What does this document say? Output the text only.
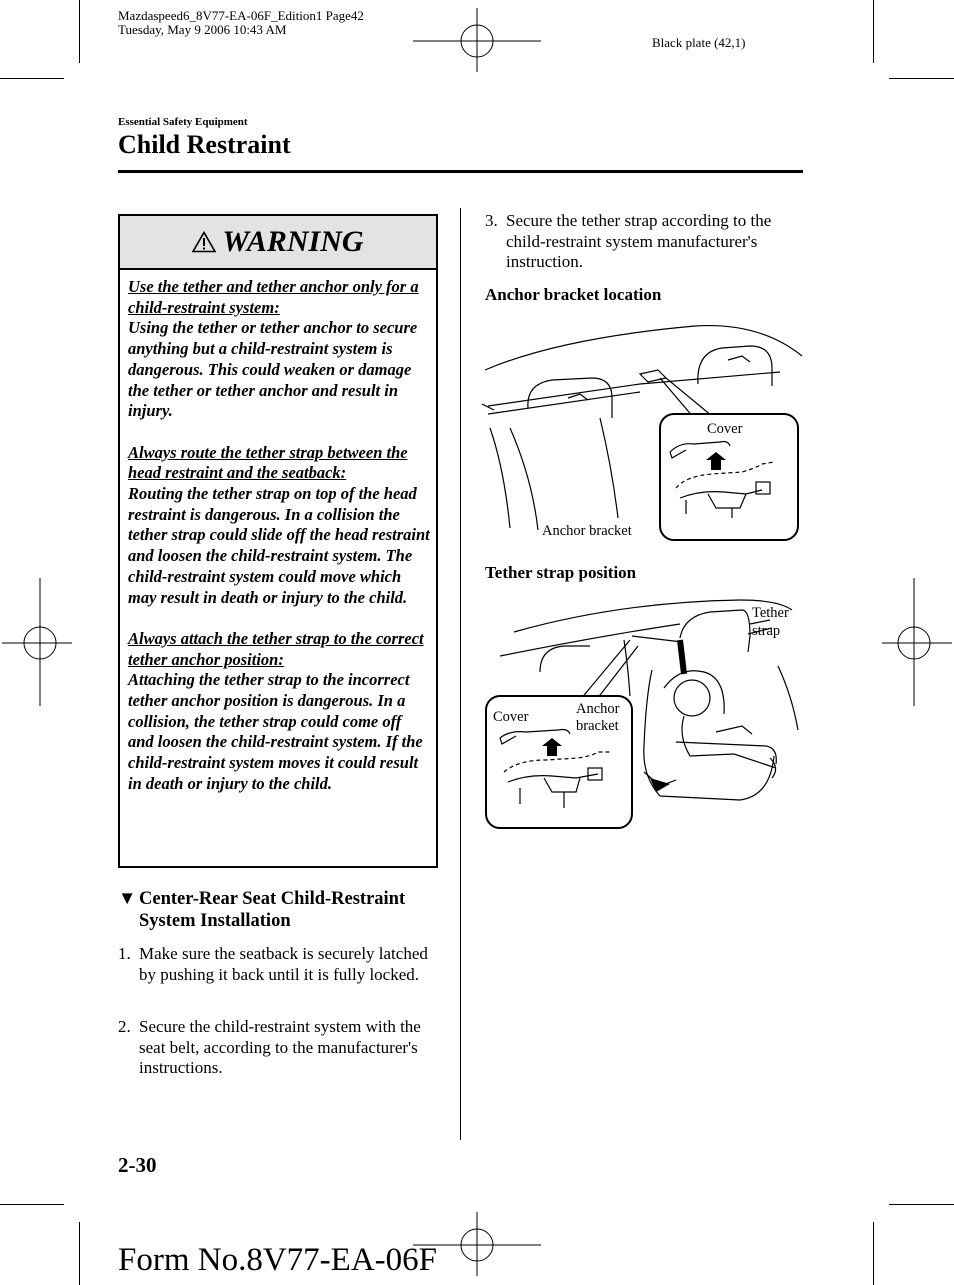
Mazdaspeed6_8V77-EA-06F_Edition1 Page42
Tuesday, May 9 2006 10:43 AM
Black plate (42,1)
Essential Safety Equipment
Child Restraint
WARNING

Use the tether and tether anchor only for a child-restraint system:
Using the tether or tether anchor to secure anything but a child-restraint system is dangerous. This could weaken or damage the tether or tether anchor and result in injury.

Always route the tether strap between the head restraint and the seatback:
Routing the tether strap on top of the head restraint is dangerous. In a collision the tether strap could slide off the head restraint and loosen the child-restraint system. The child-restraint system could move which may result in death or injury to the child.

Always attach the tether strap to the correct tether anchor position:
Attaching the tether strap to the incorrect tether anchor position is dangerous. In a collision, the tether strap could come off and loosen the child-restraint system. If the child-restraint system moves it could result in death or injury to the child.

▼ Center-Rear Seat Child-Restraint System Installation
1. Make sure the seatback is securely latched by pushing it back until it is fully locked.
2. Secure the child-restraint system with the seat belt, according to the manufacturer's instructions.
3. Secure the tether strap according to the child-restraint system manufacturer's instruction.
Anchor bracket location
Cover
Anchor bracket
Tether strap position
Cover	Anchor
bracket
Tether
strap
2-30
Form No.8V77-EA-06F
